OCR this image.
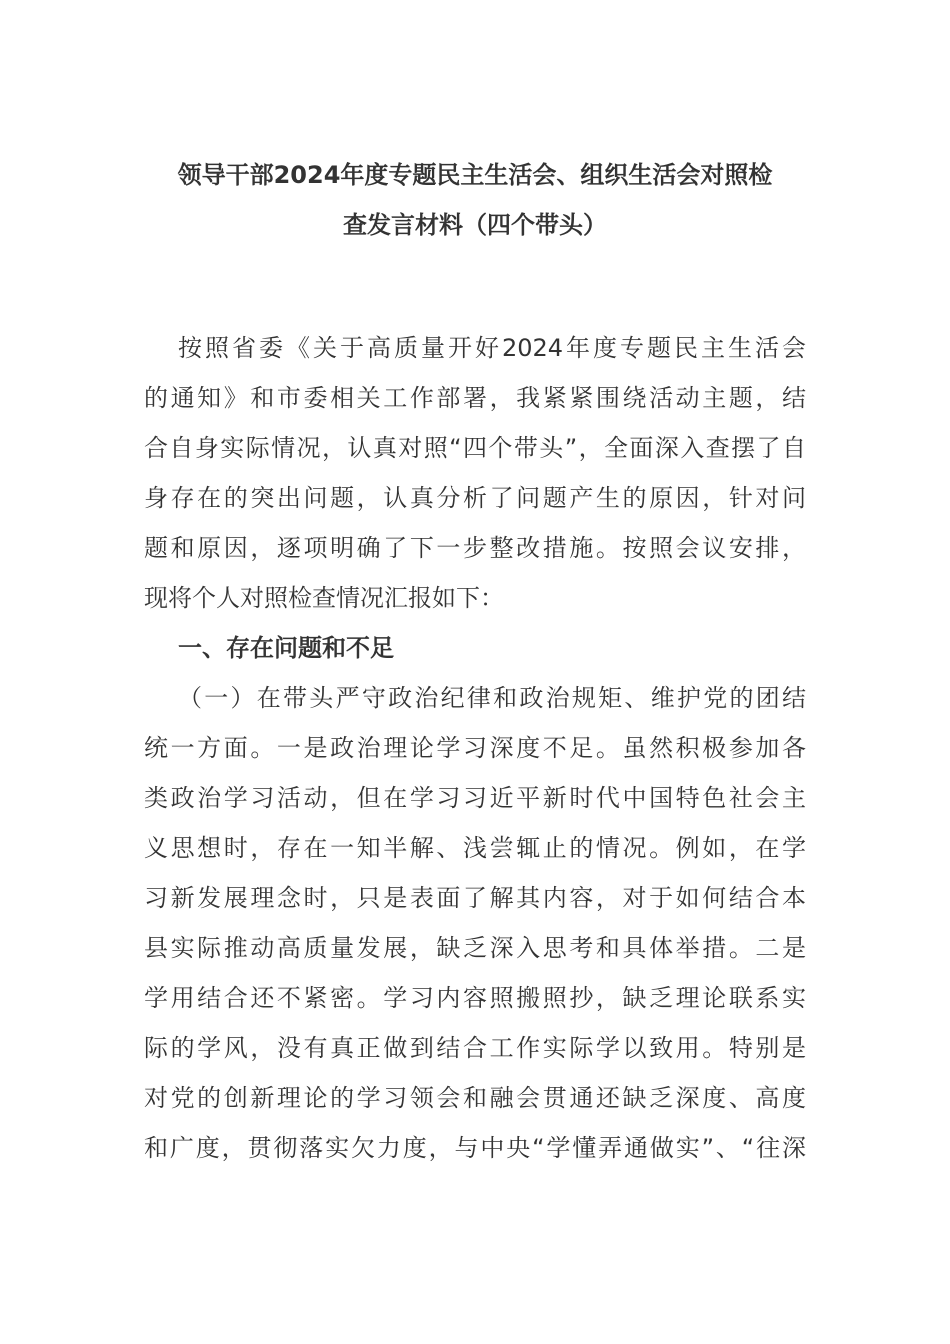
领导干部2024年度专题民主生活会、组织生活会对照检
查发言材料（四个带头）
按照省委《关于高质量开好2024年度专题民主生活会
的通知》和市委相关工作部署，我紧紧围绕活动主题，结
合自身实际情况，认真对照“四个带头”，全面深入查摆了自
身存在的突出问题，认真分析了问题产生的原因，针对问
题和原因，逐项明确了下一步整改措施。按照会议安排，
现将个人对照检查情况汇报如下：
一、存在问题和不足
（一）在带头严守政治纪律和政治规矩、维护党的团结
统一方面。一是政治理论学习深度不足。虽然积极参加各
类政治学习活动，但在学习习近平新时代中国特色社会主
义思想时，存在一知半解、浅尝辄止的情况。例如，在学
习新发展理念时，只是表面了解其内容，对于如何结合本
县实际推动高质量发展，缺乏深入思考和具体举措。二是
学用结合还不紧密。学习内容照搬照抄，缺乏理论联系实
际的学风，没有真正做到结合工作实际学以致用。特别是
对党的创新理论的学习领会和融会贯通还缺乏深度、高度
和广度，贯彻落实欠力度，与中央“学懂弄通做实”、“往深
